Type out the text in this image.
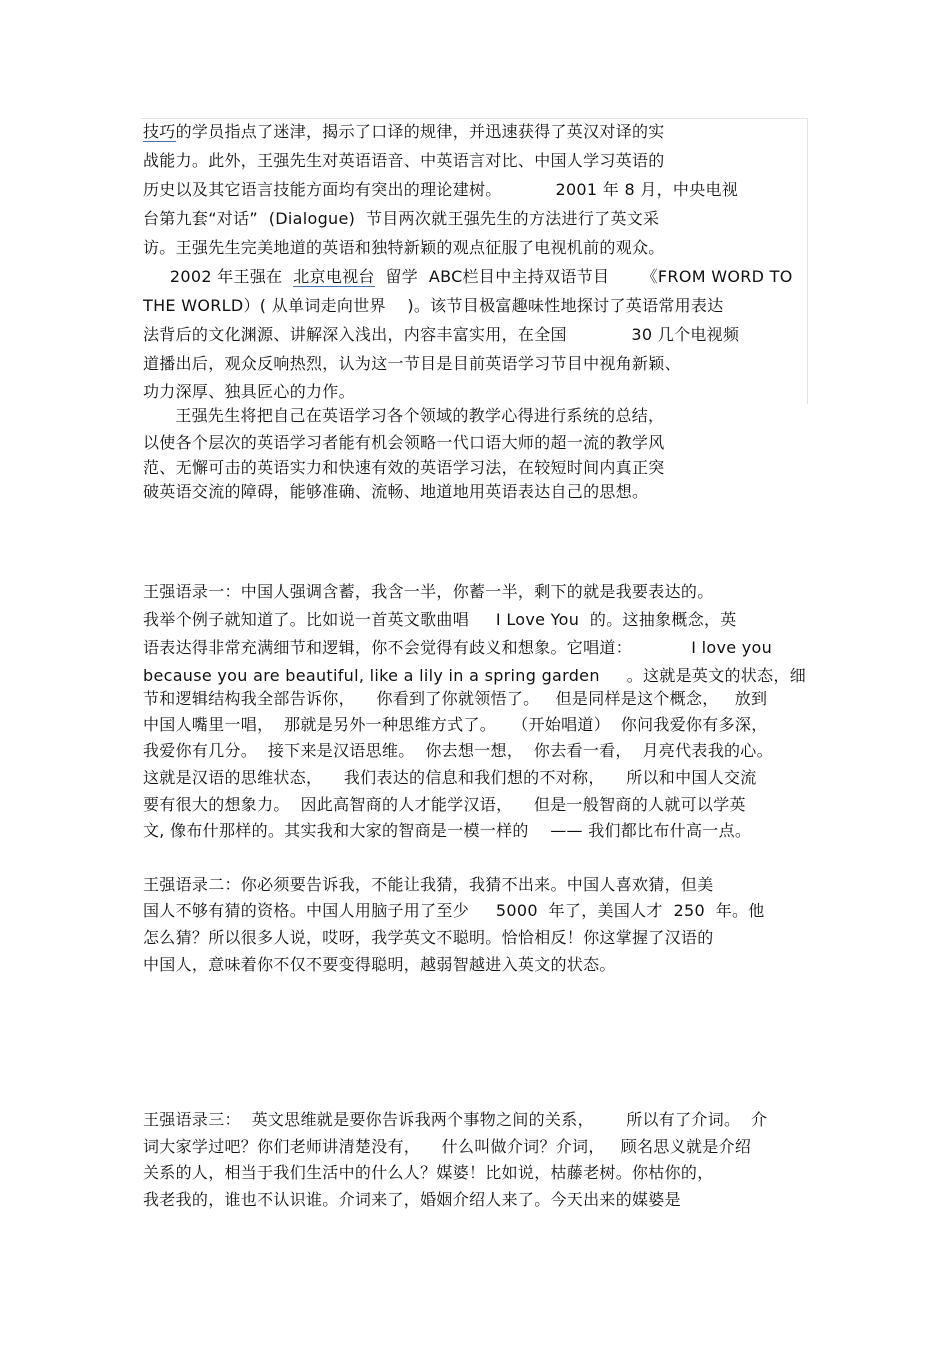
技巧的学员指点了迷津，揭示了口译的规律，并迅速获得了英汉对译的实
战能力。此外，王强先生对英语语音、中英语言对比、中国人学习英语的
历史以及其它语言技能方面均有突出的理论建树。          2001 年 8 月，中央电视
台第九套“对话”  (Dialogue)  节目两次就王强先生的方法进行了英文采
访。王强先生完美地道的英语和独特新颖的观点征服了电视机前的观众。
2002 年王强在  北京电视台  留学  ABC栏目中主持双语节目      《FROM WORD TO
THE WORLD）( 从单词走向世界    )。该节目极富趣味性地探讨了英语常用表达
法背后的文化渊源、讲解深入浅出，内容丰富实用，在全国            30 几个电视频
道播出后，观众反响热烈，认为这一节目是目前英语学习节目中视角新颖、
功力深厚、独具匠心的力作。
王强先生将把自己在英语学习各个领域的教学心得进行系统的总结，
以使各个层次的英语学习者能有机会领略一代口语大师的超一流的教学风
范、无懈可击的英语实力和快速有效的英语学习法，在较短时间内真正突
破英语交流的障碍，能够准确、流畅、地道地用英语表达自己的思想。
王强语录一：中国人强调含蓄，我含一半，你蓄一半，剩下的就是我要表达的。
我举个例子就知道了。比如说一首英文歌曲唱     I Love You  的。这抽象概念，英
语表达得非常充满细节和逻辑，你不会觉得有歧义和想象。它唱道：           I love you
because you are beautiful, like a lily in a spring garden     。这就是英文的状态，细
节和逻辑结构我全部告诉你，    你看到了你就领悟了。   但是同样是这个概念，   放到
中国人嘴里一唱，  那就是另外一种思维方式了。   （开始唱道）  你问我爱你有多深，
我爱你有几分。  接下来是汉语思维。  你去想一想，  你去看一看，  月亮代表我的心。
这就是汉语的思维状态，    我们表达的信息和我们想的不对称，    所以和中国人交流
要有很大的想象力。  因此高智商的人才能学汉语，    但是一般智商的人就可以学英
文, 像布什那样的。其实我和大家的智商是一模一样的    —— 我们都比布什高一点。
王强语录二：你必须要告诉我，不能让我猜，我猜不出来。中国人喜欢猜，但美
国人不够有猜的资格。中国人用脑子用了至少     5000  年了，美国人才  250  年。他
怎么猜？所以很多人说，哎呀，我学英文不聪明。恰恰相反！你这掌握了汉语的
中国人，意味着你不仅不要变得聪明，越弱智越进入英文的状态。
王强语录三：  英文思维就是要你告诉我两个事物之间的关系，      所以有了介词。  介
词大家学过吧？你们老师讲清楚没有，    什么叫做介词？介词，   顾名思义就是介绍
关系的人，相当于我们生活中的什么人？媒婆！比如说，枯藤老树。你枯你的，
我老我的，谁也不认识谁。介词来了，婚姻介绍人来了。今天出来的媒婆是
